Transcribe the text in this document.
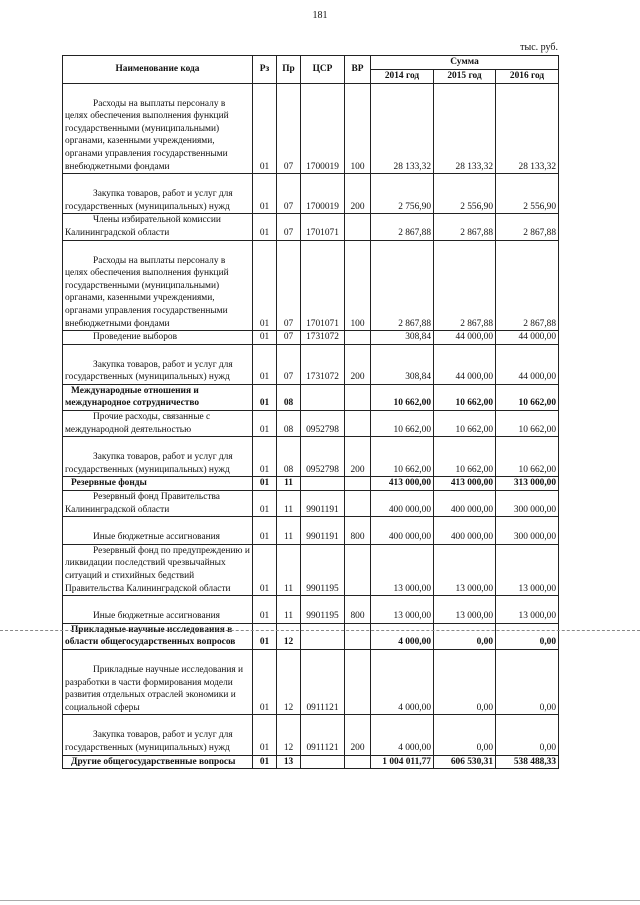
181
тыс. руб.
Наименование кода	Рз	Пр	ЦСР	ВР	Сумма		
					2014 год	2015 год	2016 год
Расходы на выплаты персоналу в целях обеспечения выполнения функций государственными (муниципальными) органами, казенными учреждениями, органами управления государственными внебюджетными фондами	01	07	1700019	100	28 133,32	28 133,32	28 133,32
Закупка товаров, работ и услуг для государственных (муниципальных) нужд	01	07	1700019	200	2 756,90	2 556,90	2 556,90
Члены избирательной комиссии Калининградской области	01	07	1701071		2 867,88	2 867,88	2 867,88
Расходы на выплаты персоналу в целях обеспечения выполнения функций государственными (муниципальными) органами, казенными учреждениями, органами управления государственными внебюджетными фондами	01	07	1701071	100	2 867,88	2 867,88	2 867,88
Проведение выборов	01	07	1731072		308,84	44 000,00	44 000,00
Закупка товаров, работ и услуг для государственных (муниципальных) нужд	01	07	1731072	200	308,84	44 000,00	44 000,00
Международные отношения и международное сотрудничество	01	08			10 662,00	10 662,00	10 662,00
Прочие расходы, связанные с международной деятельностью	01	08	0952798		10 662,00	10 662,00	10 662,00
Закупка товаров, работ и услуг для государственных (муниципальных) нужд	01	08	0952798	200	10 662,00	10 662,00	10 662,00
Резервные фонды	01	11			413 000,00	413 000,00	313 000,00
Резервный фонд Правительства Калининградской области	01	11	9901191		400 000,00	400 000,00	300 000,00
Иные бюджетные ассигнования	01	11	9901191	800	400 000,00	400 000,00	300 000,00
Резервный фонд по предупреждению и ликвидации последствий чрезвычайных ситуаций и стихийных бедствий Правительства Калининградской области	01	11	9901195		13 000,00	13 000,00	13 000,00
Иные бюджетные ассигнования	01	11	9901195	800	13 000,00	13 000,00	13 000,00
Прикладные научные исследования в области общегосударственных вопросов	01	12			4 000,00	0,00	0,00
Прикладные научные исследования и разработки в части формирования модели развития отдельных отраслей экономики и социальной сферы	01	12	0911121		4 000,00	0,00	0,00
Закупка товаров, работ и услуг для государственных (муниципальных) нужд	01	12	0911121	200	4 000,00	0,00	0,00
Другие общегосударственные вопросы	01	13			1 004 011,77	606 530,31	538 488,33
